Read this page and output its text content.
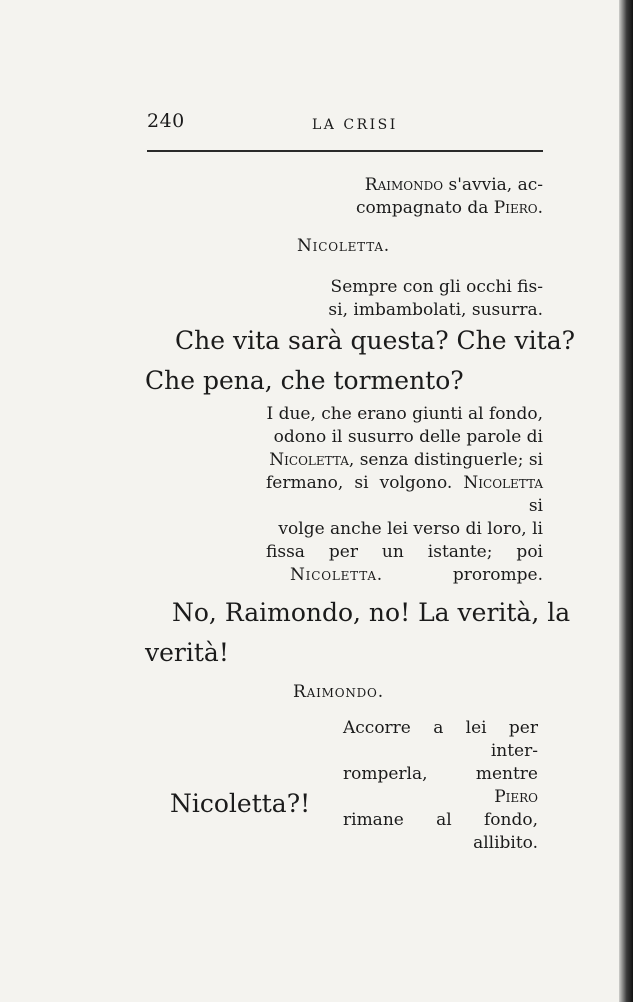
240	LA CRISI
Raimondo s'avvia, ac-
compagnato da Piero.
Nicoletta.
Sempre con gli occhi fis-
si, imbambolati, susurra.
Che vita sarà questa? Che vita?
Che pena, che tormento?
I due, che erano giunti al fondo,
odono il susurro delle parole di
Nicoletta, senza distinguerle; si
fermano, si volgono. Nicoletta si
volge anche lei verso di loro, li
fissa per un istante; poi prorompe.
Nicoletta.
No, Raimondo, no! La verità, la
verità!
Raimondo.
Accorre a lei per inter-
romperla, mentre Piero
rimane al fondo, allibito.
Nicoletta?!
